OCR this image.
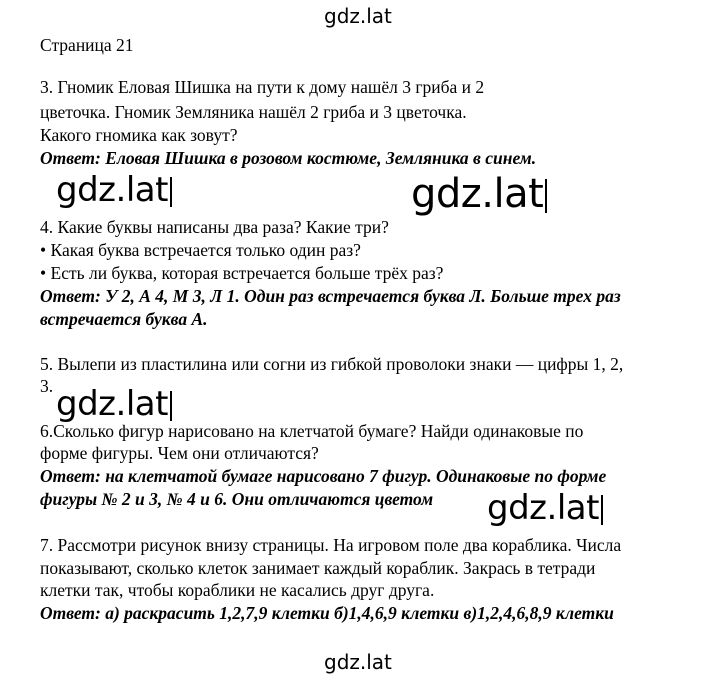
gdz.lat
gdz.lat	gdz.lat
gdz.lat
gdz.lat
gdz.lat
Страница 21
3. Гномик Еловая Шишка на пути к дому нашёл 3 гриба и 2
цветочка. Гномик Земляника нашёл 2 гриба и 3 цветочка.
Какого гномика как зовут?
Ответ: Еловая Шишка в розовом костюме, Земляника в синем.
4. Какие буквы написаны два раза? Какие три?
• Какая буква встречается только один раз?
• Есть ли буква, которая встречается больше трёх раз?
Ответ: У 2, А 4, М 3, Л 1. Один раз встречается буква Л. Больше трех раз
встречается буква А.
5. Вылепи из пластилина или согни из гибкой проволоки знаки — цифры 1, 2,
3.
6.Сколько фигур нарисовано на клетчатой бумаге? Найди одинаковые по
форме фигуры. Чем они отличаются?
Ответ: на клетчатой бумаге нарисовано 7 фигур. Одинаковые по форме
фигуры № 2 и 3, № 4 и 6. Они отличаются цветом
7. Рассмотри рисунок внизу страницы. На игровом поле два кораблика. Числа
показывают, сколько клеток занимает каждый кораблик. Закрась в тетради
клетки так, чтобы кораблики не касались друг друга.
Ответ: а) раскрасить 1,2,7,9 клетки б)1,4,6,9 клетки в)1,2,4,6,8,9 клетки
